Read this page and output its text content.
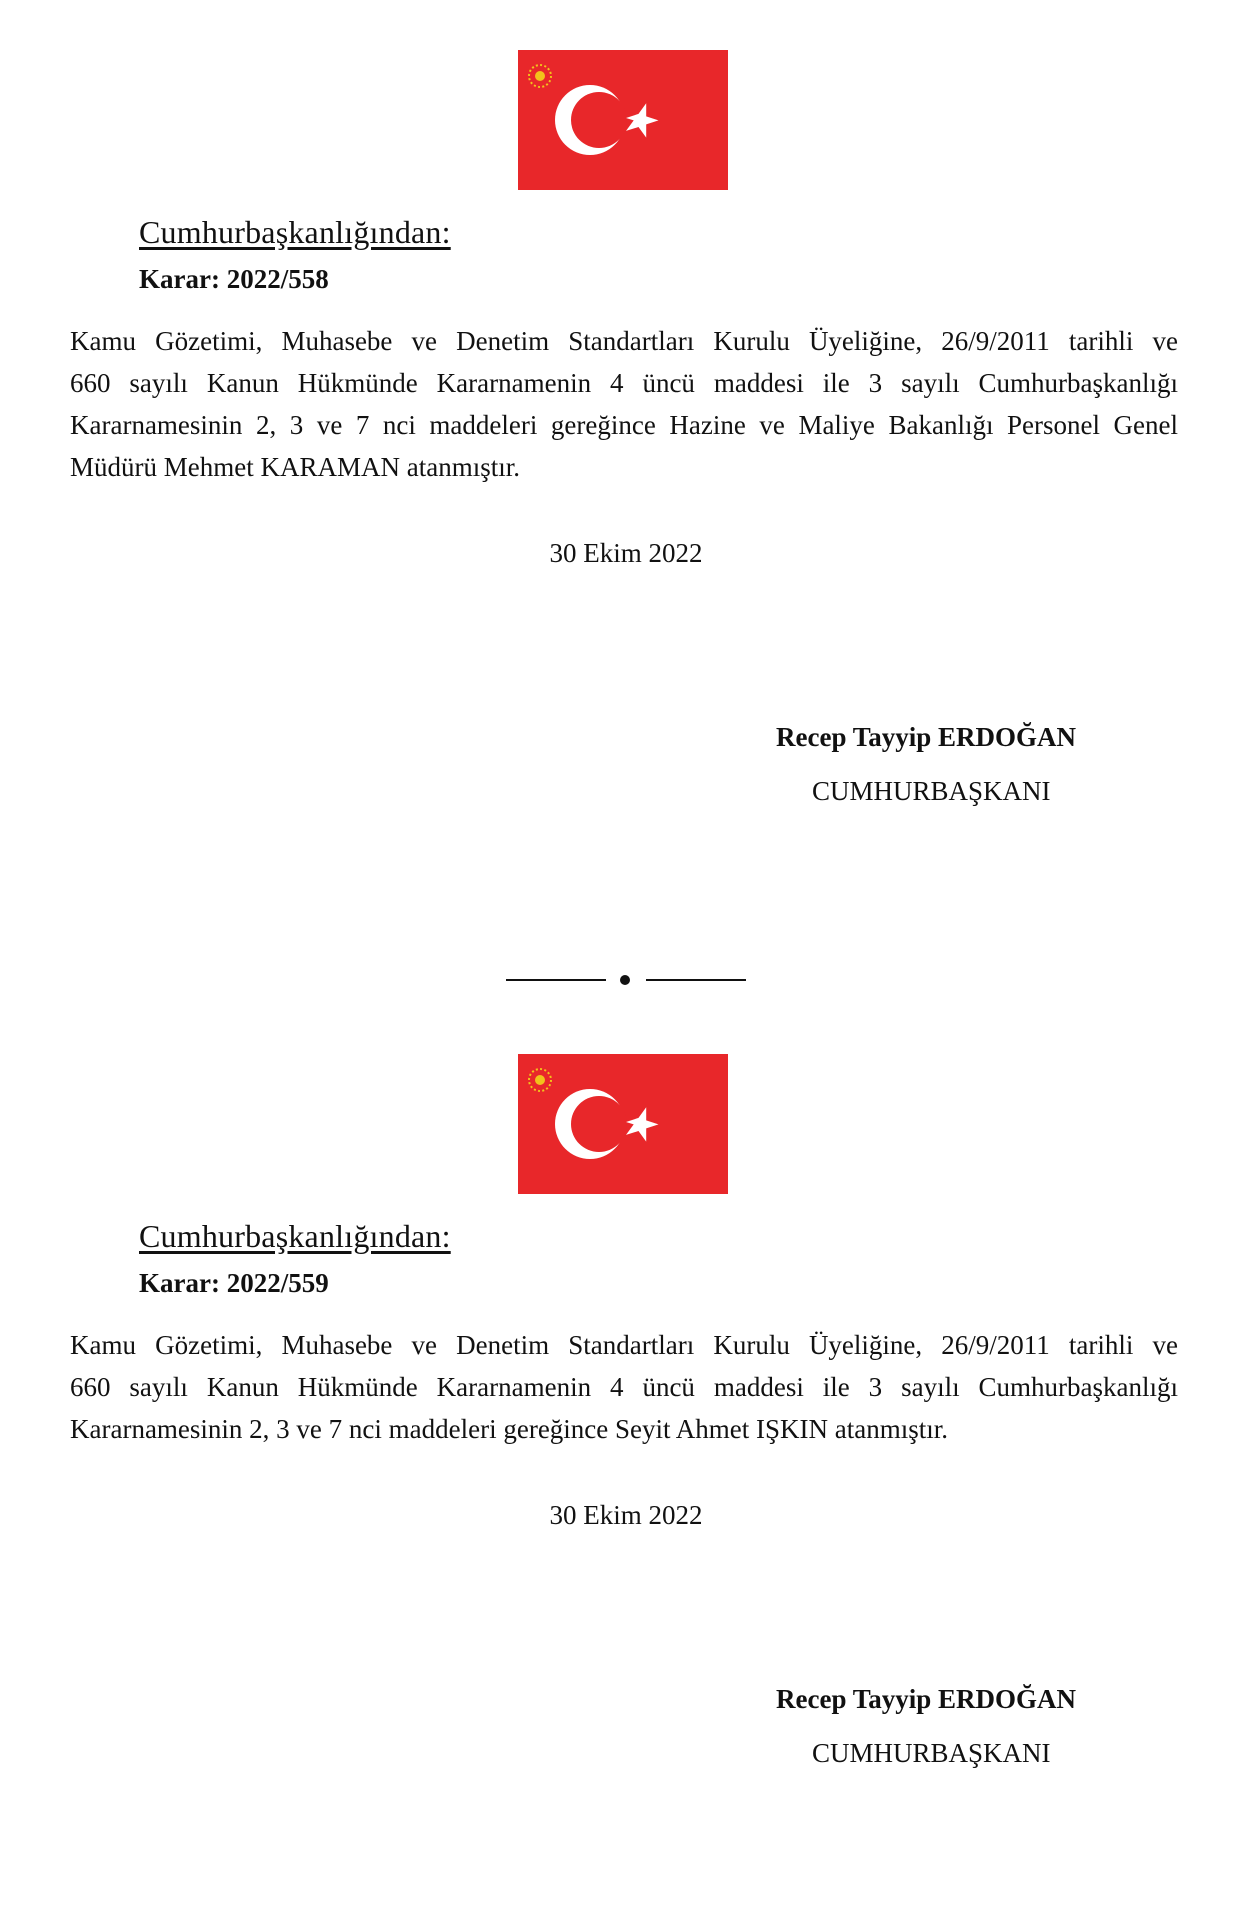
Cumhurbaşkanlığından:

Karar: 2022/558

Kamu Gözetimi, Muhasebe ve Denetim Standartları Kurulu Üyeliğine, 26/9/2011 tarihli ve
660 sayılı Kanun Hükmünde Kararnamenin 4 üncü maddesi ile 3 sayılı Cumhurbaşkanlığı
Kararnamesinin 2, 3 ve 7 nci maddeleri gereğince Hazine ve Maliye Bakanlığı Personel Genel
Müdürü Mehmet KARAMAN atanmıştır.

30 Ekim 2022

Recep Tayyip ERDOĞAN

CUMHURBAŞKANI

Cumhurbaşkanlığından:

Karar: 2022/559

Kamu Gözetimi, Muhasebe ve Denetim Standartları Kurulu Üyeliğine, 26/9/2011 tarihli ve
660 sayılı Kanun Hükmünde Kararnamenin 4 üncü maddesi ile 3 sayılı Cumhurbaşkanlığı
Kararnamesinin 2, 3 ve 7 nci maddeleri gereğince Seyit Ahmet IŞKIN atanmıştır.

30 Ekim 2022

Recep Tayyip ERDOĞAN

CUMHURBAŞKANI
